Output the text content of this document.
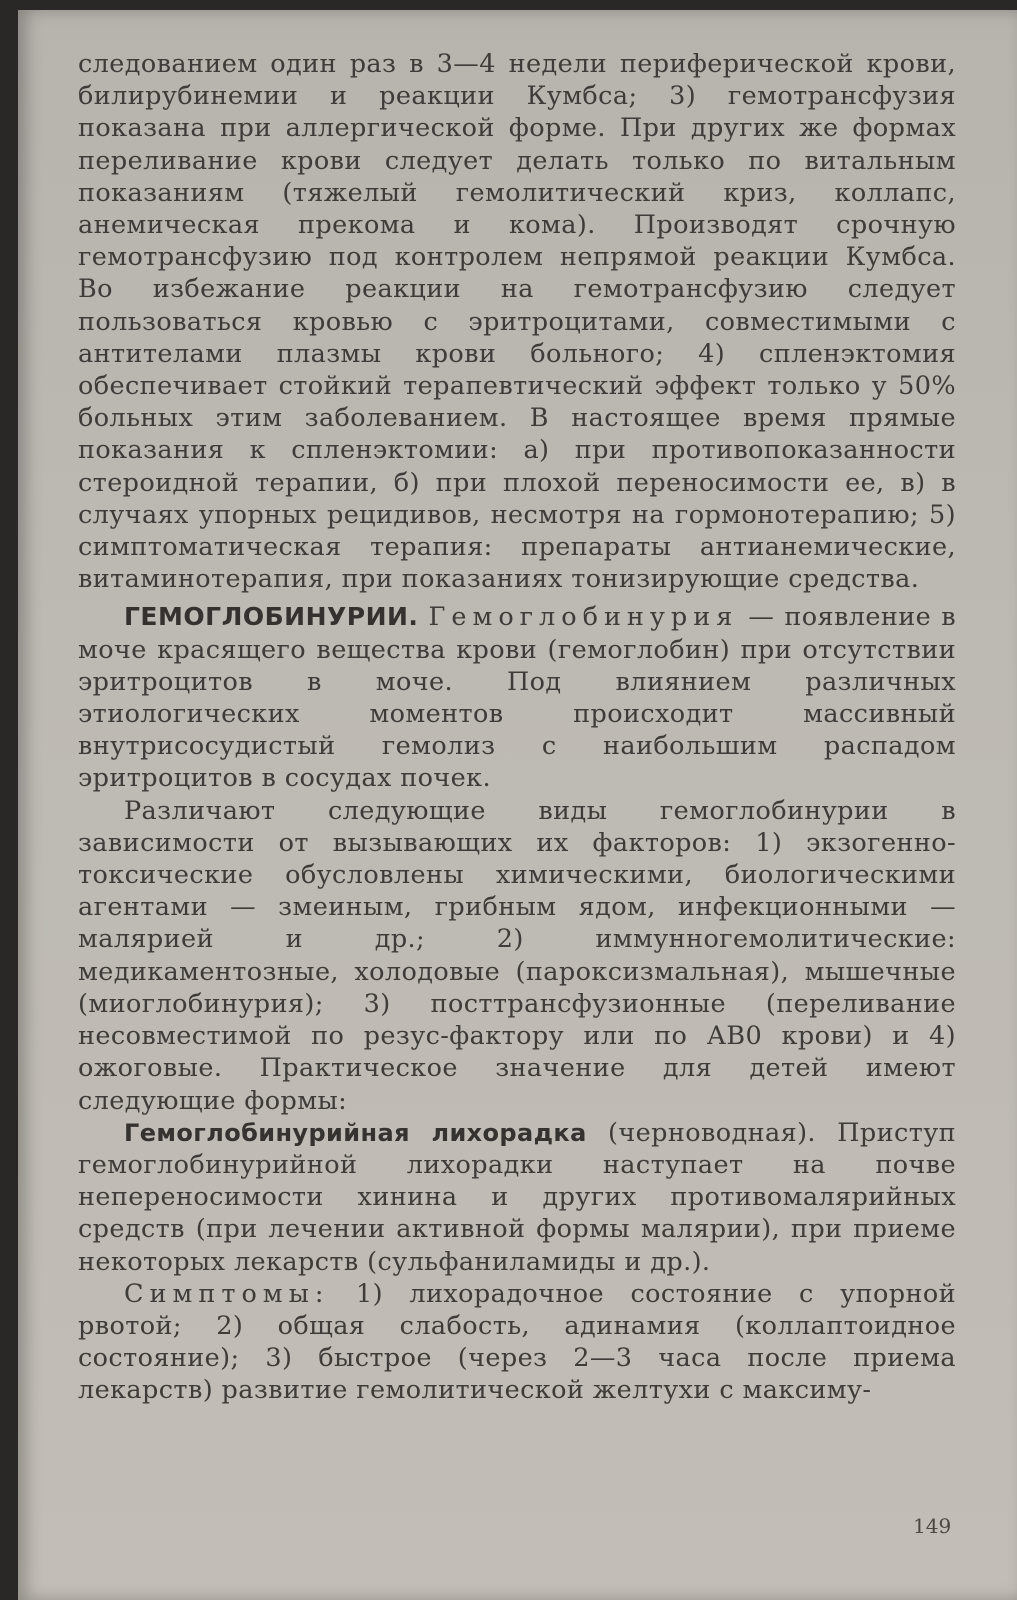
следованием один раз в 3—4 недели периферической крови, билирубинемии и реакции Кумбса; 3) гемотрансфузия показана при аллергической форме. При других же формах переливание крови следует делать только по витальным показаниям (тяжелый гемолитический криз, коллапс, анемическая прекома и кома). Производят срочную гемотрансфузию под контролем непрямой реакции Кумбса. Во избежание реакции на гемотрансфузию следует пользоваться кровью с эритроцитами, совместимыми с антителами плазмы крови больного; 4) спленэктомия обеспечивает стойкий терапевтический эффект только у 50% больных этим заболеванием. В настоящее время прямые показания к спленэктомии: а) при противопоказанности стероидной терапии, б) при плохой переносимости ее, в) в случаях упорных рецидивов, несмотря на гормонотерапию; 5) симптоматическая терапия: препараты антианемические, витаминотерапия, при показаниях тонизирующие средства.

ГЕМОГЛОБИНУРИИ. Гемоглобинурия — появление в моче красящего вещества крови (гемоглобин) при отсутствии эритроцитов в моче. Под влиянием различных этиологических моментов происходит массивный внутрисосудистый гемолиз с наибольшим распадом эритроцитов в сосудах почек.

Различают следующие виды гемоглобинурии в зависимости от вызывающих их факторов: 1) экзогенно-токсические обусловлены химическими, биологическими агентами — змеиным, грибным ядом, инфекционными — малярией и др.; 2) иммунногемолитические: медикаментозные, холодовые (пароксизмальная), мышечные (миоглобинурия); 3) посттрансфузионные (переливание несовместимой по резус-фактору или по АВ0 крови) и 4) ожоговые. Практическое значение для детей имеют следующие формы:

Гемоглобинурийная лихорадка (черноводная). Приступ гемоглобинурийной лихорадки наступает на почве непереносимости хинина и других противомалярийных средств (при лечении активной формы малярии), при приеме некоторых лекарств (сульфаниламиды и др.).

Симптомы: 1) лихорадочное состояние с упорной рвотой; 2) общая слабость, адинамия (коллаптоидное состояние); 3) быстрое (через 2—3 часа после приема лекарств) развитие гемолитической желтухи с максиму-

149
